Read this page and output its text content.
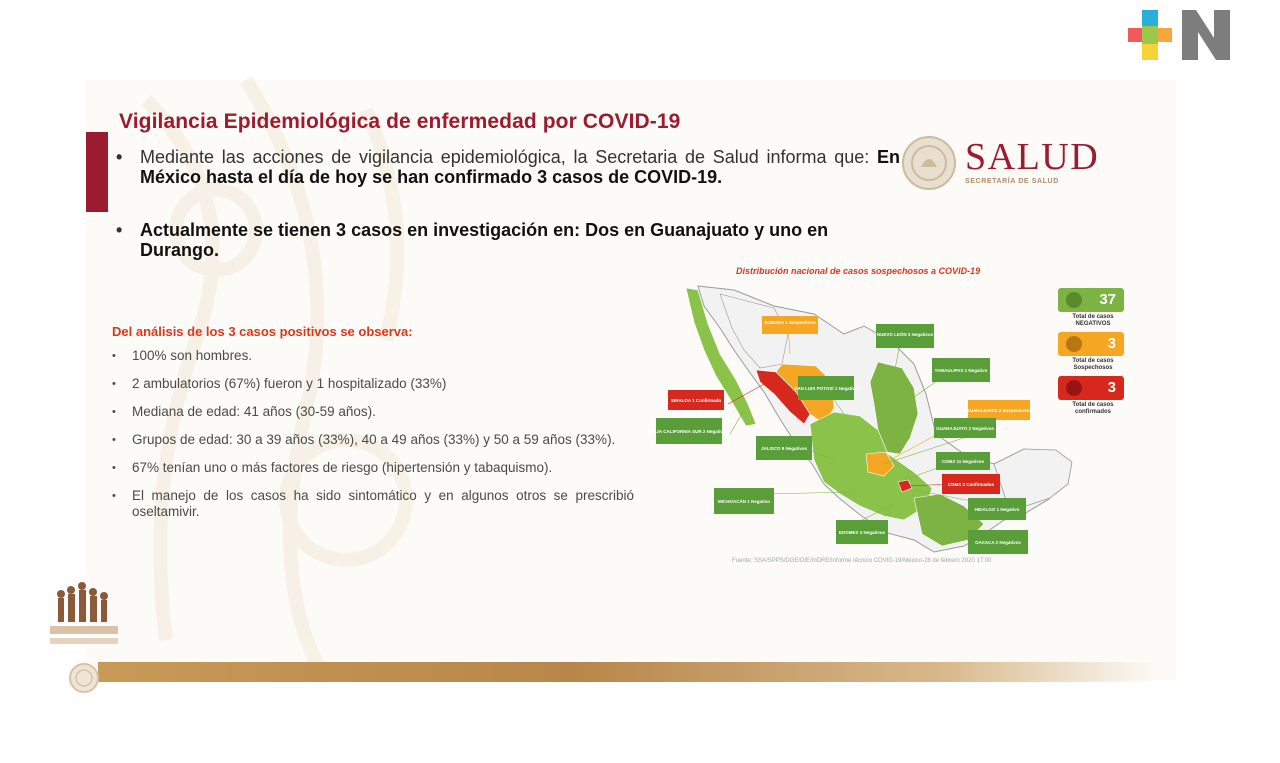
Vigilancia Epidemiológica de enfermedad por COVID-19
• Mediante las acciones de vigilancia epidemiológica, la Secretaria de Salud informa que: En México hasta el día de hoy se han confirmado 3 casos de COVID-19.
• Actualmente se tienen 3 casos en investigación en: Dos en Guanajuato y uno en Durango.
SALUD
SECRETARÍA DE SALUD
Del análisis de los 3 casos positivos se observa:
• 100% son hombres.
• 2 ambulatorios (67%) fueron y 1 hospitalizado (33%)
• Mediana de edad: 41 años (30-59 años).
• Grupos de edad: 30 a 39 años (33%), 40 a 49 años (33%) y 50 a 59 años (33%).
• 67% tenían uno o más factores de riesgo (hipertensión y tabaquismo).
• El manejo de los casos ha sido sintomático y en algunos otros se prescribió oseltamivir.
Distribución nacional de casos sospechosos a COVID-19
SONORA 1 Sospechoso
NUEVO LEÓN 3 Negativos
TAMAULIPAS 1 Negativo
SINALOA 1 Confirmado
SAN LUIS POTOSÍ 1 Negativo
GUANAJUATO 2 Sospechosos
BAJA CALIFORNIA SUR 2 Negativos
JALISCO 9 Negativos
GUANAJUATO 2 Negativos
CDMX 11 Negativos
CDMX 2 Confirmados
MICHOACÁN 1 Negativo
HIDALGO 1 Negativo
EDOMEX 3 Negativos
OAXACA 2 Negativos
37
Total de casos NEGATIVOS
3
Total de casos Sospechosos
3
Total de casos confirmados
Fuente: SSA/SPPS/DGE/DIE/InDRE/Informe técnico COVID-19/México-28 de febrero 2020 17:00
